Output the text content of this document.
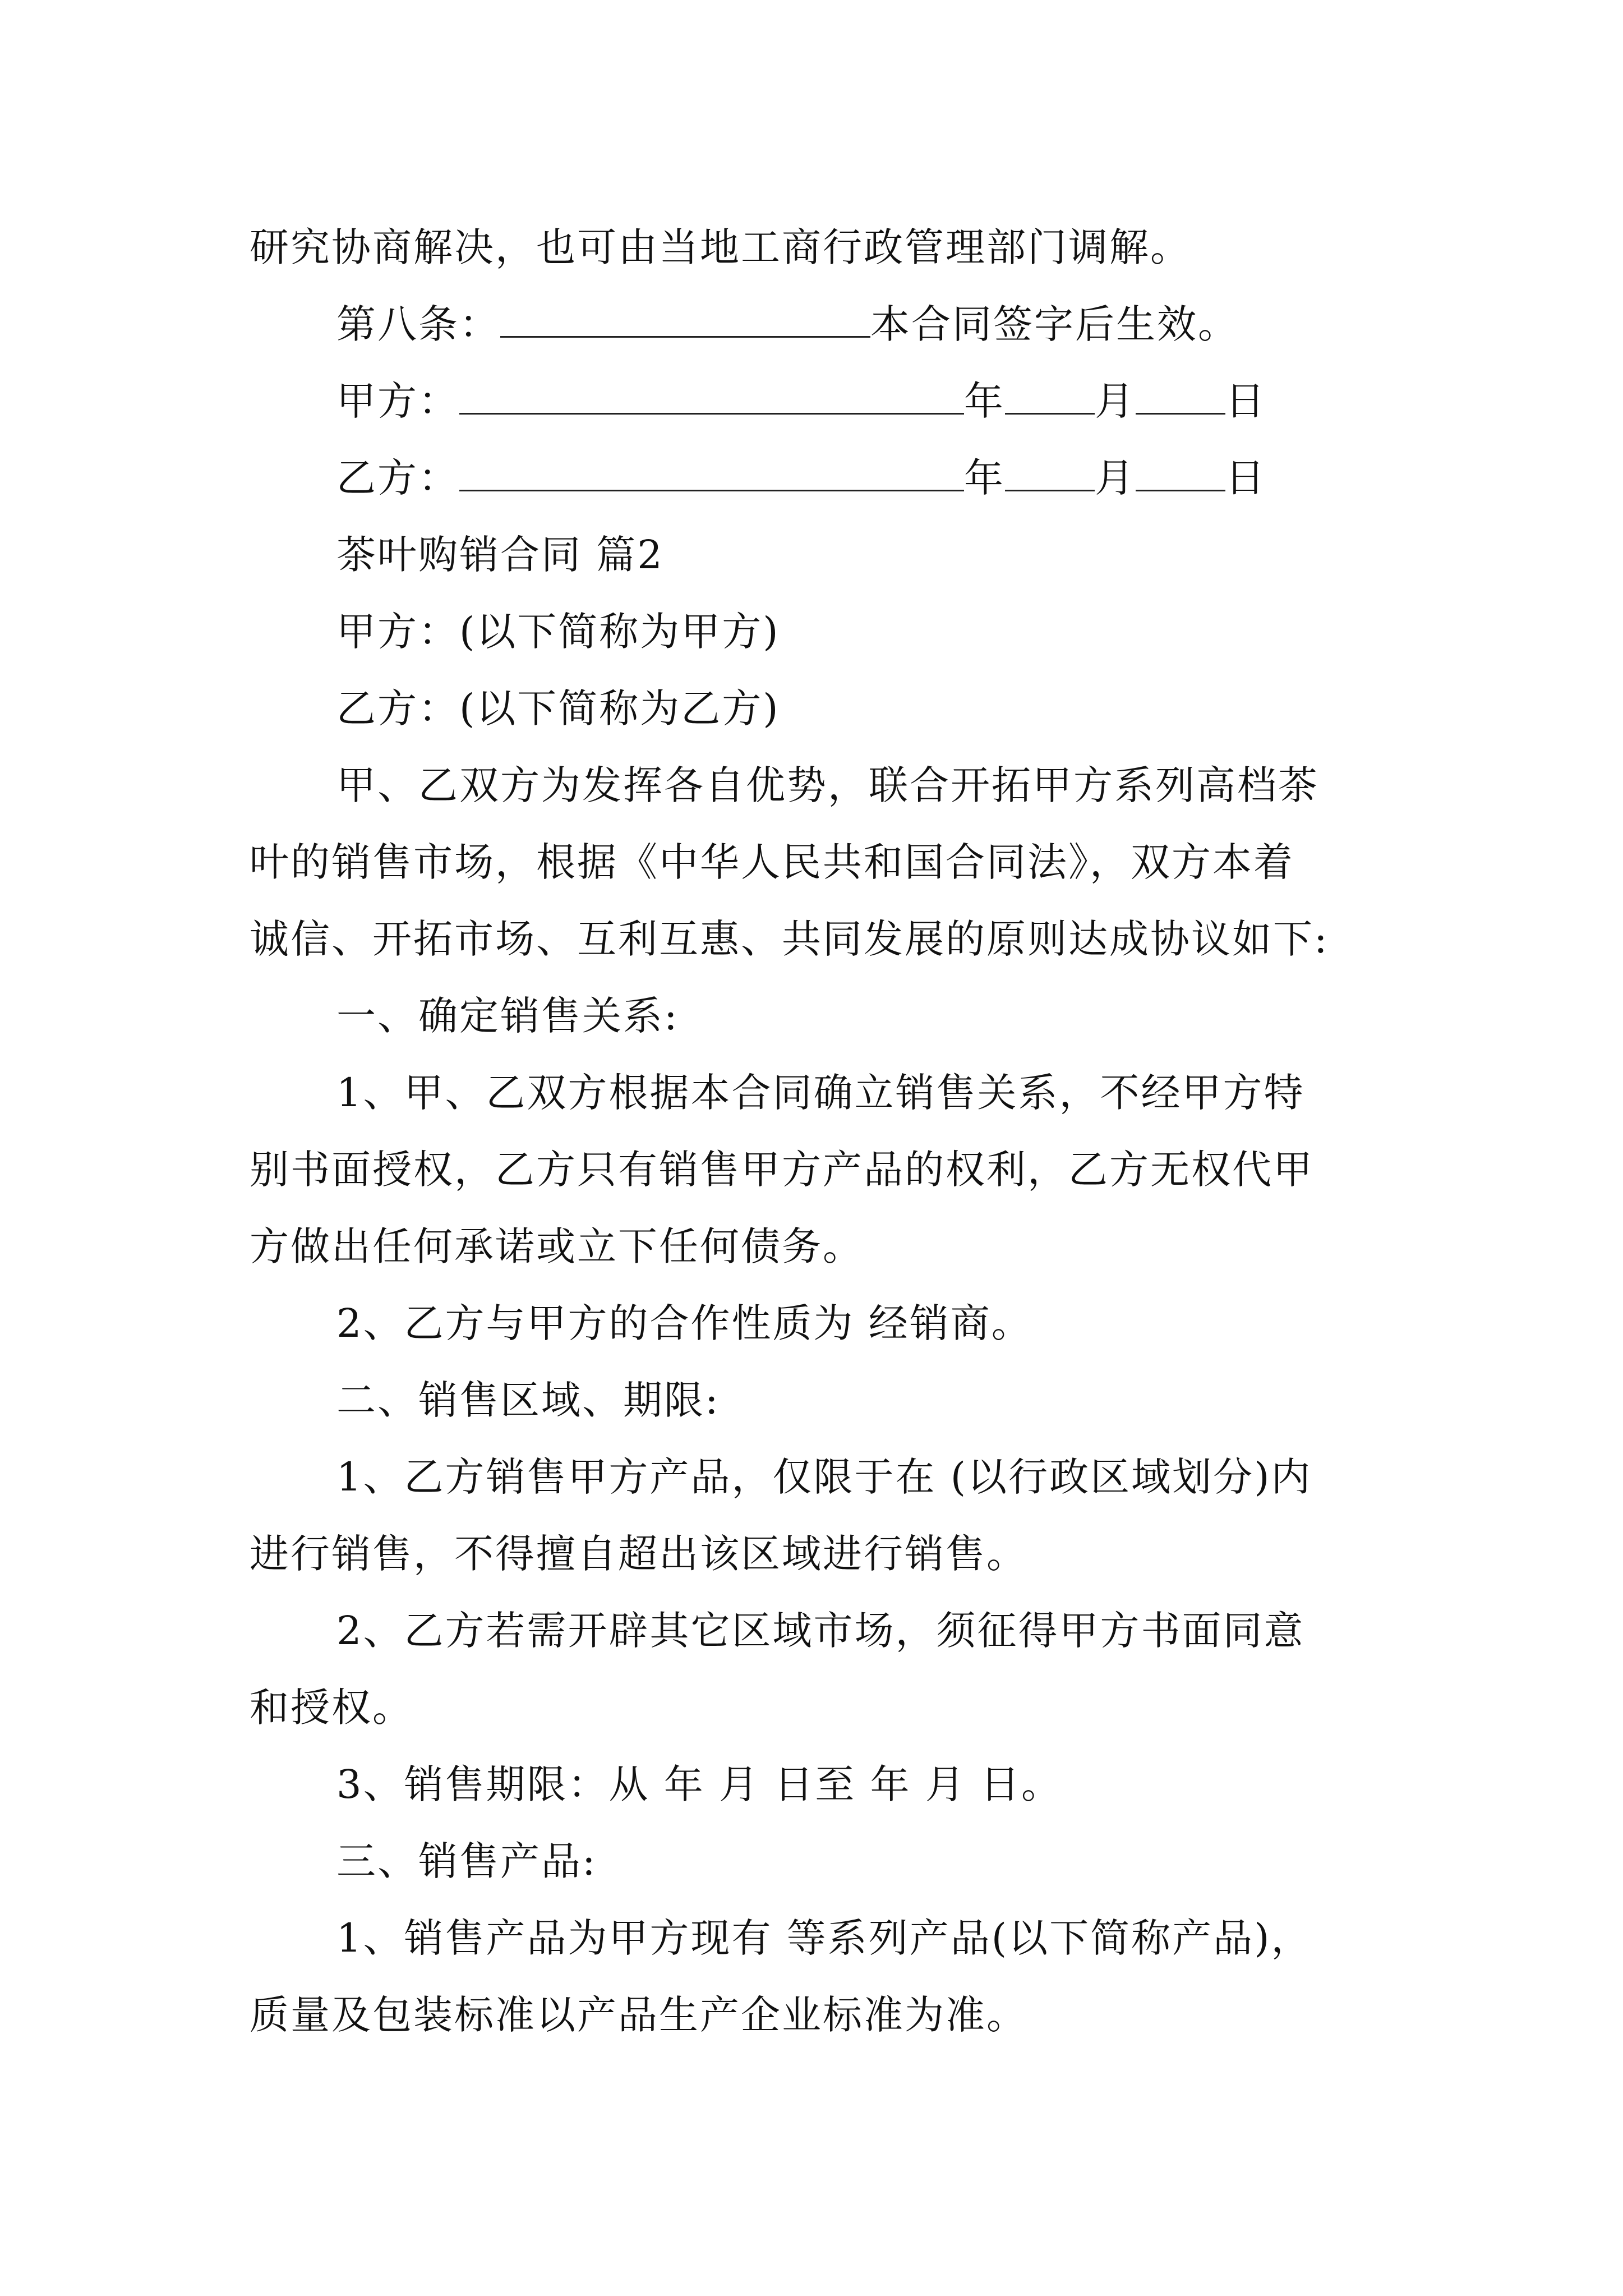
研究协商解决，也可由当地工商行政管理部门调解。
第八条：	本合同签字后生效。
甲方：	年 月 日
乙方：	年 月 日
茶叶购销合同 篇2
甲方：(以下简称为甲方)
乙方：(以下简称为乙方)
甲、乙双方为发挥各自优势，联合开拓甲方系列高档茶
叶的销售市场，根据《中华人民共和国合同法》，双方本着
诚信、开拓市场、互利互惠、共同发展的原则达成协议如下:
一、确定销售关系:
1、甲、乙双方根据本合同确立销售关系，不经甲方特
别书面授权，乙方只有销售甲方产品的权利，乙方无权代甲
方做出任何承诺或立下任何债务。
2、乙方与甲方的合作性质为 经销商。
二、销售区域、期限:
1、乙方销售甲方产品，仅限于在 (以行政区域划分)内
进行销售，不得擅自超出该区域进行销售。
2、乙方若需开辟其它区域市场，须征得甲方书面同意
和授权。
3、销售期限：从 年 月 日至 年 月 日。
三、销售产品:
1、销售产品为甲方现有 等系列产品(以下简称产品)，
质量及包装标准以产品生产企业标准为准。
